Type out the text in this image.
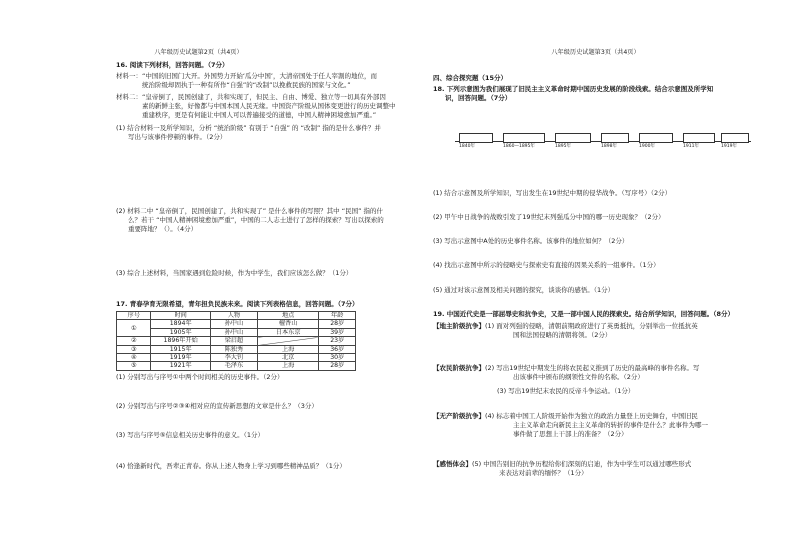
八年级历史试题第2页（共4页）
16. 阅读下列材料，回答问题。（7分）
材料一：“中国的旧国门大开。外国势力开始‘瓜分中国’，大清帝国处于任人宰割的地位，而
统治阶级却固执于一种有所作“自强”的“改制”以挽救民族的国家与文化。”
材料二：“皇帝倒了，民国创建了，共和实现了，但民主、自由、博爱、独立等一切具有外部因
素的新鲜主张，好像都与中国本国人民无缘。中国资产阶级从国体变更进行的历史调整中
重建秩序，更是有何能让中国人可以普遍接受的道德，中国人精神困境愈加严重。”
(1) 结合材料一及所学知识，分析 “统治阶级” 有别于 “自强” 的 “改制” 指的是什么事件？并
写出与该事件停顿的事件。（2分）
(2) 材料二中 “皇帝倒了，民国创建了，共和实现了” 是什么事件的写照？其中 “民国” 指的什
么？若干 “中国人精神困境愈加严重”，中国的二人志士进行了怎样的探索？写出以探索的
重要阵地？（）。（4分）
(3) 综合上述材料，当国家遇到危险时候，作为中学生，我们应该怎么做？（1分）
17. 青春孕育无限希望，青年担负民族未来。阅读下列表格信息，回答问题。（7分）
序号	时间	人物	地点	年龄
①	1894年	孙中山	檀香山	28岁
	1905年	孙中山	日本东京	39岁
②	1896年开始	梁启超		23岁
③	1915年	陈独秀	上海	36岁
④	1919年	李大钊	北京	30岁
⑤	1921年	毛泽东	上海	28岁
(1) 分别写出与序号①中两个时间相关的历史事件。（2分）
(2) 分别写出与序号②③④相对应的宣传新思想的文章是什么？（3分）
(3) 写出与序号⑤信息相关历史事件的意义。（1分）
(4) 恰逢新时代，吾辈正青春。你从上述人物身上学习到哪些精神品质？（1分）
八年级历史试题第3页（共4页）
四、综合探究题（15分）
18. 下列示意图为我们展现了旧民主主义革命时期中国历史发展的阶段线索。结合示意图及所学知
识，回答问题。（7分）
1840年	1860—1895年	1895年	1898年	1900年	1911年	1919年
(1) 结合示意图及所学知识，写出发生在19世纪中期的侵华战争。（写序号）（2分）
(2) 甲午中日战争的战败引发了19世纪末列强瓜分中国的哪一历史现象？（2分）
(3) 写出示意图中A处的历史事件名称。该事件的地位如何？（2分）
(4) 找出示意图中所示的侵略史与探索史有直接的因果关系的一组事件。（1分）
(5) 通过对该示意图及相关问题的探究，谈谈你的感悟。（1分）
19. 中国近代史是一部屈辱史和抗争史，又是一部中国人民的探索史。结合所学知识，回答问题。（8分）
【地主阶级抗争】(1) 面对列强的侵略，清朝前期政府进行了英勇抵抗，分别举出一位抵抗英
国和法国侵略的清朝将领。（2分）
【农民阶级抗争】(2) 写出19世纪中期发生的将农民起义推到了历史的最高峰的事件名称。写
出该事件中颁布的纲领性文件的名称。（2分）
(3) 写出19世纪末农民的反帝斗争运动。（1分）
【无产阶级抗争】(4) 标志着中国工人阶级开始作为独立的政治力量登上历史舞台，中国旧民
主主义革命走向新民主主义革命的转折的事件是什么？此事件为哪一
事件做了思想上干部上的准备？（2分）
【感悟体会】(5) 中国告别旧的抗争历程给你们深刻的启迪，作为中学生可以通过哪些形式
来表达对前辈的缅怀？（1分）
